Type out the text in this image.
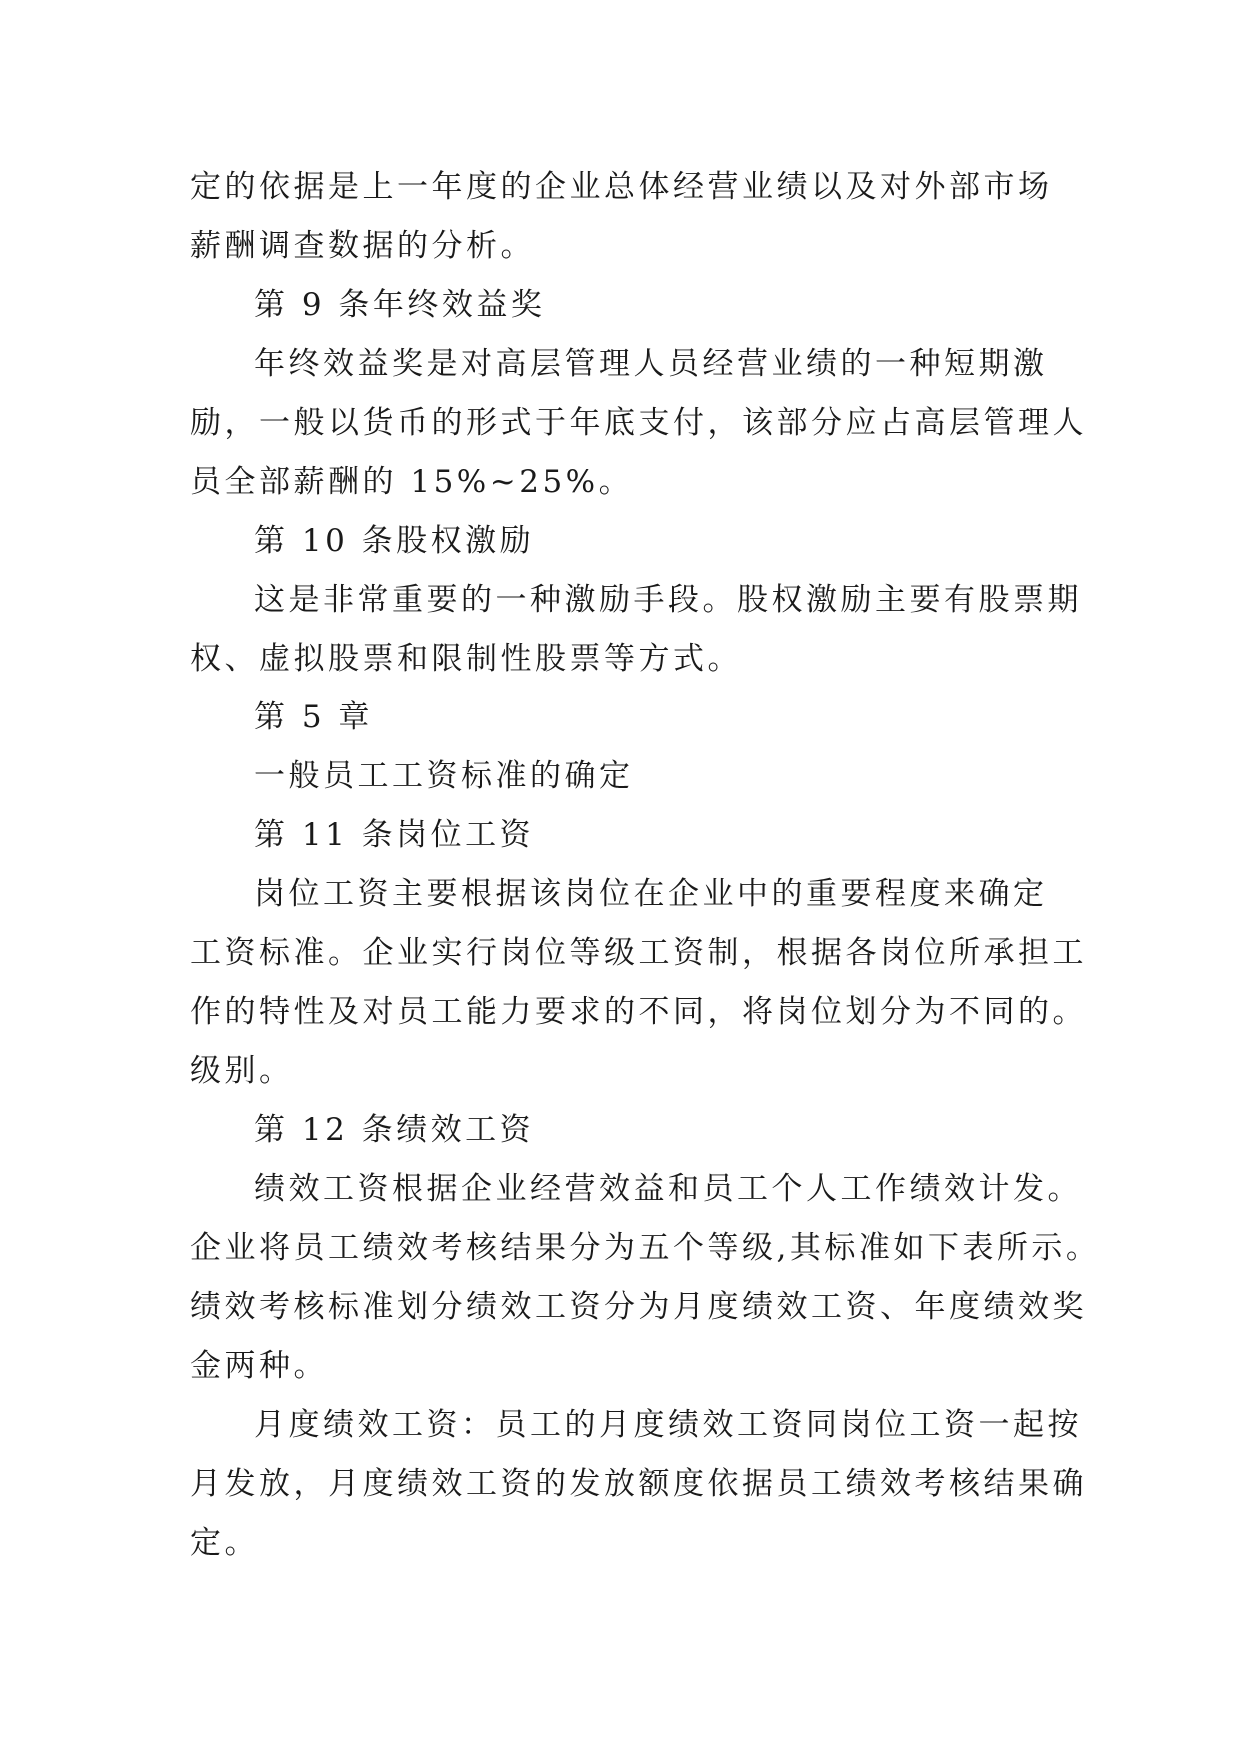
定的依据是上一年度的企业总体经营业绩以及对外部市场

薪酬调查数据的分析。

第 9 条年终效益奖

年终效益奖是对高层管理人员经营业绩的一种短期激

励，一般以货币的形式于年底支付，该部分应占高层管理人

员全部薪酬的 15%~25%。

第 10 条股权激励

这是非常重要的一种激励手段。股权激励主要有股票期

权、虚拟股票和限制性股票等方式。

第 5 章

一般员工工资标准的确定

第 11 条岗位工资

岗位工资主要根据该岗位在企业中的重要程度来确定

工资标准。企业实行岗位等级工资制，根据各岗位所承担工

作的特性及对员工能力要求的不同，将岗位划分为不同的。

级别。

第 12 条绩效工资

绩效工资根据企业经营效益和员工个人工作绩效计发。

企业将员工绩效考核结果分为五个等级,其标准如下表所示。

绩效考核标准划分绩效工资分为月度绩效工资、年度绩效奖

金两种。

月度绩效工资：员工的月度绩效工资同岗位工资一起按

月发放，月度绩效工资的发放额度依据员工绩效考核结果确

定。
